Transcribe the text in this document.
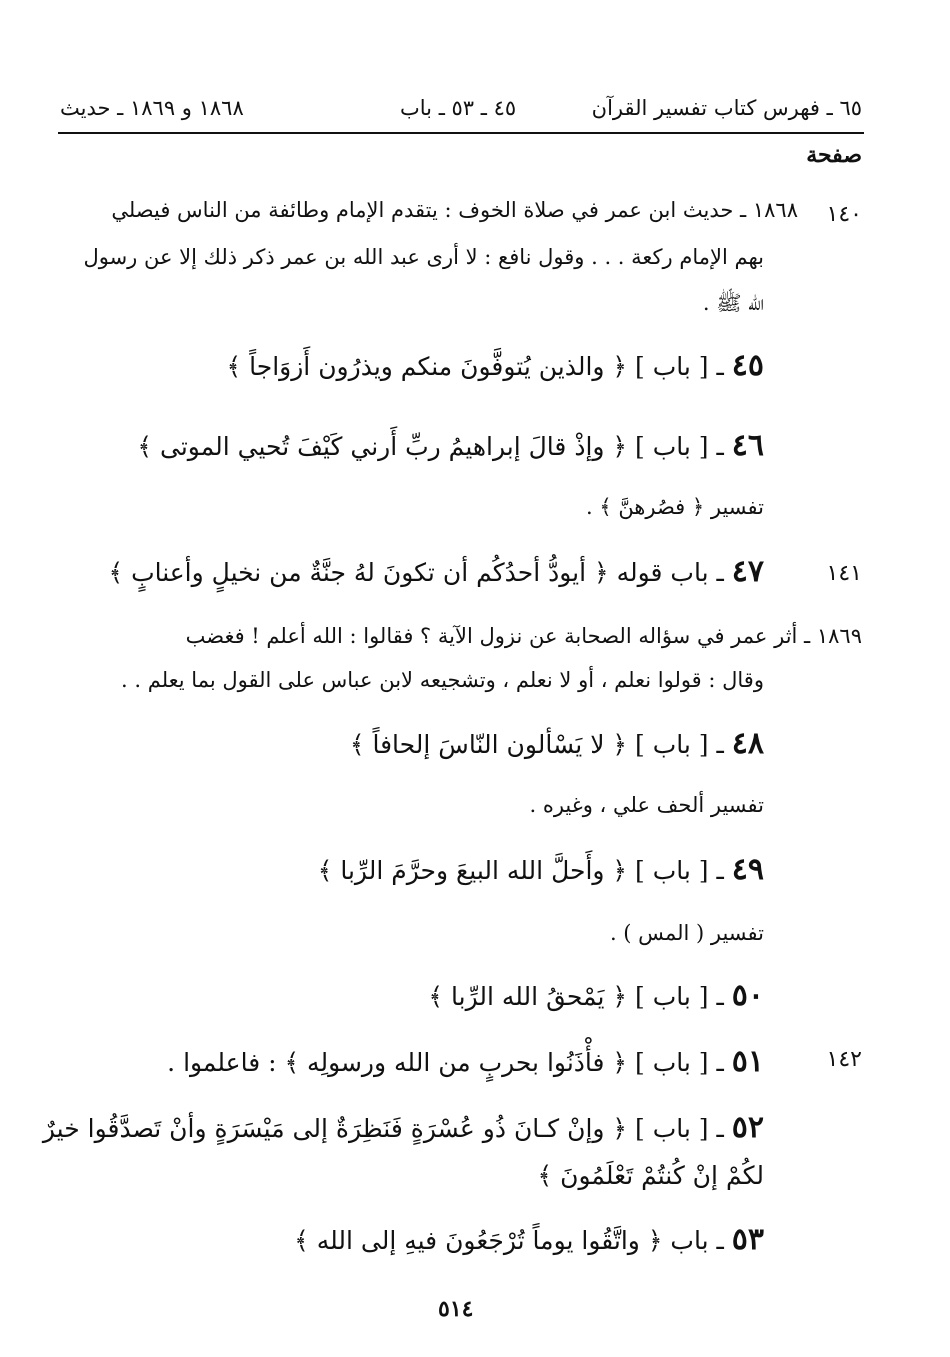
٦٥ ـ فهرس كتاب تفسير القرآن
٤٥ ـ ٥٣ ـ باب
١٨٦٨ و ١٨٦٩ ـ حديث
صفحة
١٤٠
١٤١
١٤٢
١٨٦٨ ـ حديث ابن عمر في صلاة الخوف : يتقدم الإمام وطائفة من الناس فيصلي
بهم الإمام ركعة . . . وقول نافع : لا أرى عبد الله بن عمر ذكر ذلك إلا عن رسول
الله ﷺ .
٤٥ ـ [ باب ] ﴿ والذين يُتوفَّونَ منكم ويذرُون أَزوَاجاً ﴾
٤٦ ـ [ باب ] ﴿ وإذْ قالَ إبراهيمُ ربِّ أَرني كَيْفَ تُحيي الموتى ﴾
تفسير ﴿ فصُرهنَّ ﴾ .
٤٧ ـ باب قوله ﴿ أيودُّ أحدُكُم أن تكونَ لهُ جنَّةٌ من نخيلٍ وأعنابٍ ﴾
١٨٦٩ ـ أثر عمر في سؤاله الصحابة عن نزول الآية ؟ فقالوا : الله أعلم ! فغضب
وقال : قولوا نعلم ، أو لا نعلم ، وتشجيعه لابن عباس على القول بما يعلم . .
٤٨ ـ [ باب ] ﴿ لا يَسْألون النّاسَ إلحافاً ﴾
تفسير ألحف علي ، وغيره .
٤٩ ـ [ باب ] ﴿ وأَحلَّ الله البيعَ وحرَّمَ الرِّبا ﴾
تفسير ( المس ) .
٥٠ ـ [ باب ] ﴿ يَمْحقُ الله الرِّبا ﴾
٥١ ـ [ باب ] ﴿ فأْذَنُوا بحربٍ من الله ورسولِه ﴾ : فاعلموا .
٥٢ ـ [ باب ] ﴿ وإنْ كـانَ ذُو عُسْرَةٍ فَنَظِرَةٌ إلى مَيْسَرَةٍ وأنْ تَصدَّقُوا خيرٌ
لكُمْ إنْ كُنتُمْ تَعْلَمُونَ ﴾
٥٣ ـ باب ﴿ واتَّقُوا يوماً تُرْجَعُونَ فيهِ إلى الله ﴾
٥١٤
